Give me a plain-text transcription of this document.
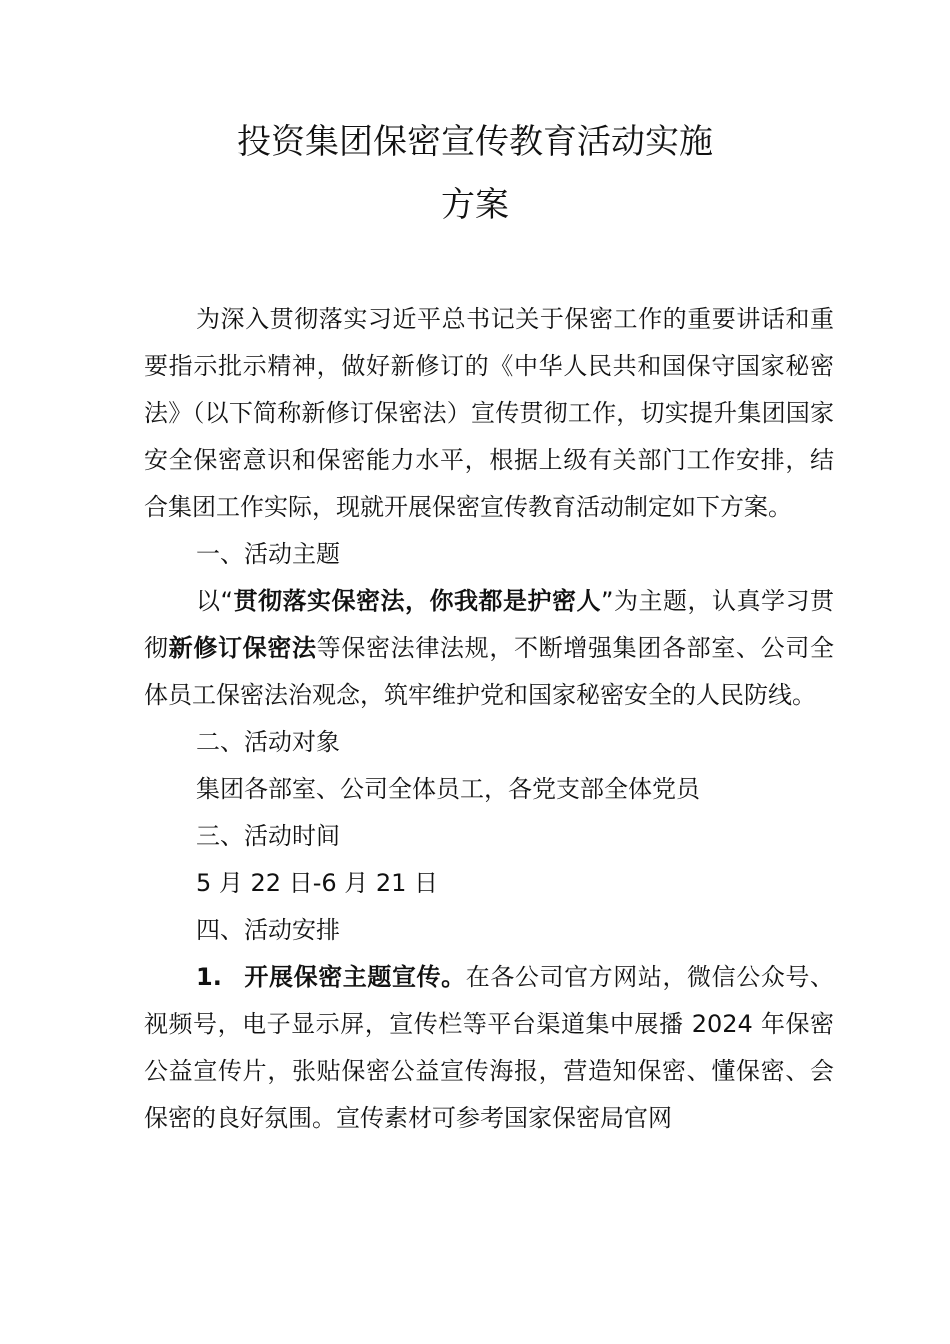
投资集团保密宣传教育活动实施
方案

为深入贯彻落实习近平总书记关于保密工作的重要讲话和重要指示批示精神，做好新修订的《中华人民共和国保守国家秘密法》（以下简称新修订保密法）宣传贯彻工作，切实提升集团国家安全保密意识和保密能力水平，根据上级有关部门工作安排，结合集团工作实际，现就开展保密宣传教育活动制定如下方案。

一、活动主题

以“贯彻落实保密法，你我都是护密人”为主题，认真学习贯彻新修订保密法等保密法律法规，不断增强集团各部室、公司全体员工保密法治观念，筑牢维护党和国家秘密安全的人民防线。

二、活动对象

集团各部室、公司全体员工，各党支部全体党员

三、活动时间

5 月 22 日-6 月 21 日

四、活动安排

1. 开展保密主题宣传。在各公司官方网站，微信公众号、视频号，电子显示屏，宣传栏等平台渠道集中展播 2024 年保密公益宣传片，张贴保密公益宣传海报，营造知保密、懂保密、会保密的良好氛围。宣传素材可参考国家保密局官网
